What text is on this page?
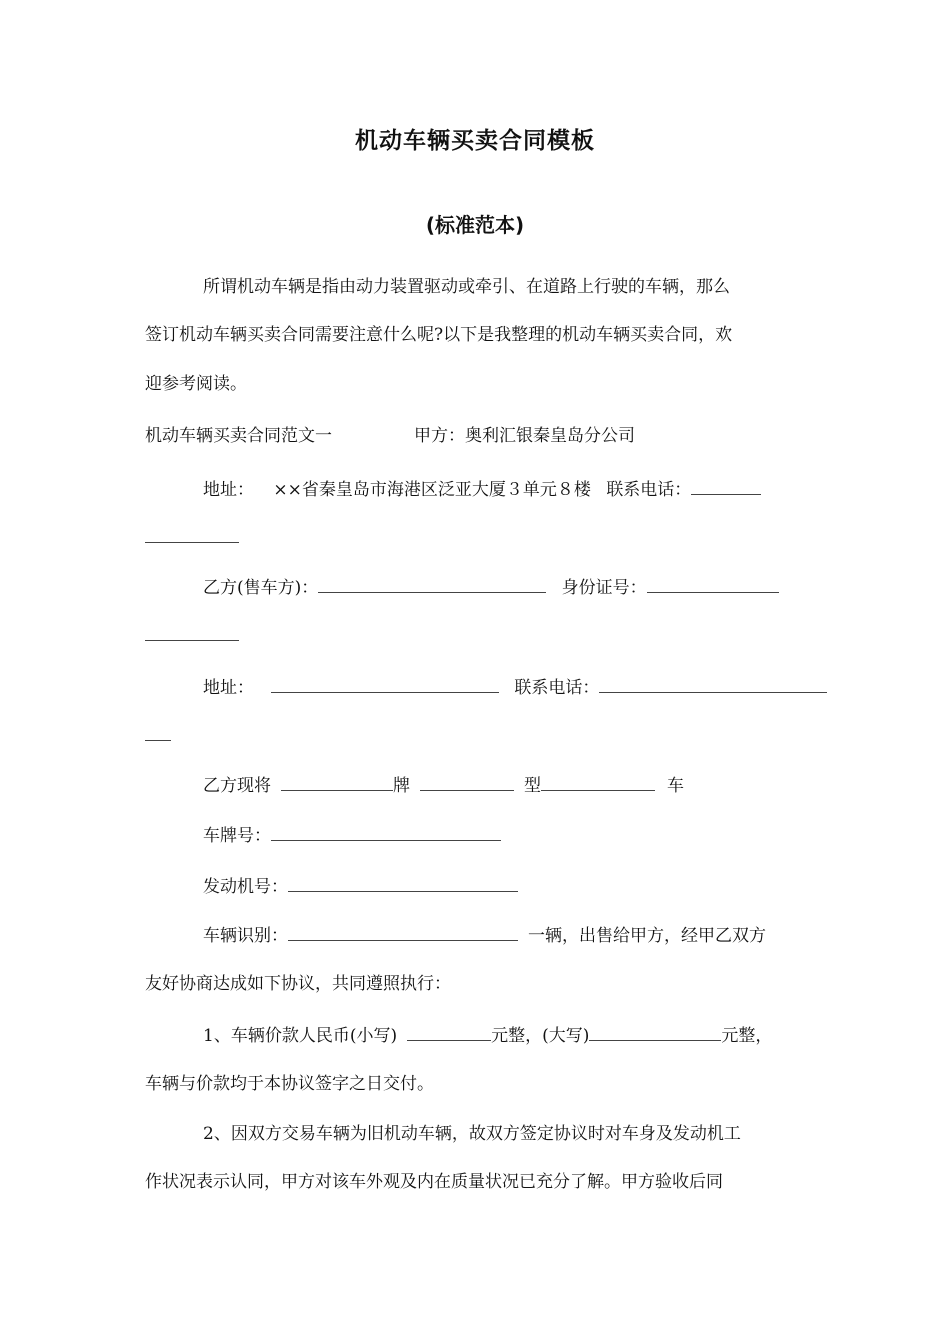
机动车辆买卖合同模板
(标准范本)
所谓机动车辆是指由动力装置驱动或牵引、在道路上行驶的车辆，那么
签订机动车辆买卖合同需要注意什么呢?以下是我整理的机动车辆买卖合同，欢
迎参考阅读。
机动车辆买卖合同范文一	甲方：奥利汇银秦皇岛分公司
地址： ××省秦皇岛市海港区泛亚大厦３单元８楼 联系电话：
乙方(售车方)：	身份证号：
地址：	联系电话：
乙方现将	牌	型	车
车牌号：
发动机号：
车辆识别：	一辆，出售给甲方，经甲乙双方
友好协商达成如下协议，共同遵照执行：
1、车辆价款人民币(小写)	元整，(大写)	元整，
车辆与价款均于本协议签字之日交付。
2、因双方交易车辆为旧机动车辆，故双方签定协议时对车身及发动机工
作状况表示认同，甲方对该车外观及内在质量状况已充分了解。甲方验收后同
